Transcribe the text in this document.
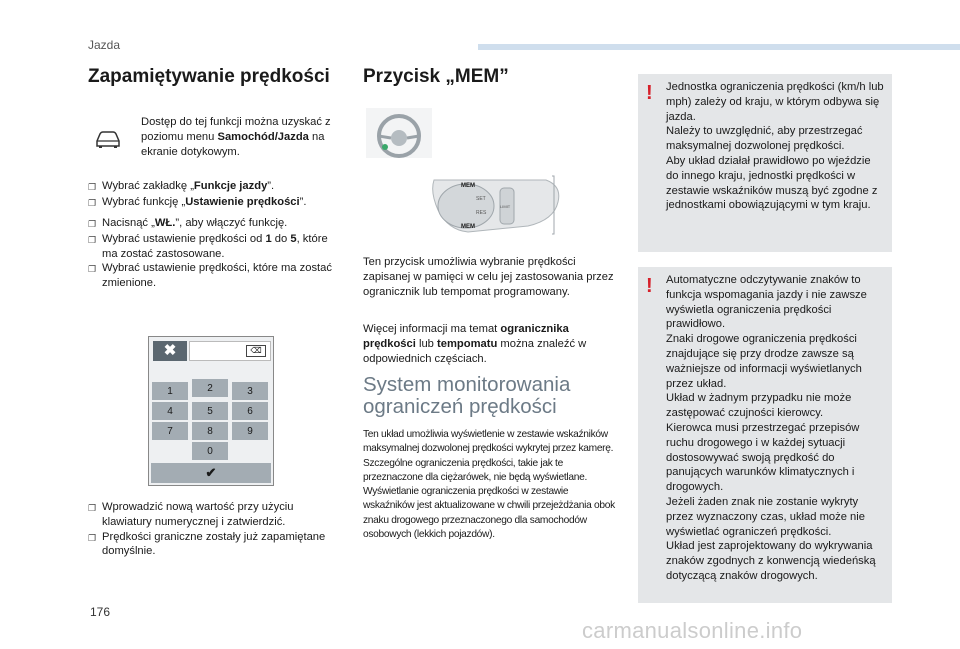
Jazda
Zapamiętywanie prędkości
Dostęp do tej funkcji można uzyskać z poziomu menu Samochód/Jazda na ekranie dotykowym.
❐ Wybrać zakładkę „Funkcje jazdy”.
❐ Wybrać funkcję „Ustawienie prędkości”.
❐ Nacisnąć „WŁ.”, aby włączyć funkcję.
❐ Wybrać ustawienie prędkości od 1 do 5, które ma zostać zastosowane.
❐ Wybrać ustawienie prędkości, które ma zostać zmienione.
✖	⌫
1	2	3
4	5	6
7	8	9
0
✔
❐ Wprowadzić nową wartość przy użyciu klawiatury numerycznej i zatwierdzić.
❐ Prędkości graniczne zostały już zapamiętane domyślnie.
Przycisk „MEM”
MEM
SET
RES
LIMIT
MEM
Ten przycisk umożliwia wybranie prędkości zapisanej w pamięci w celu jej zastosowania przez ogranicznik lub tempomat programowany.
Więcej informacji ma temat ogranicznika prędkości lub tempomatu można znaleźć w odpowiednich częściach.
System monitorowania ograniczeń prędkości
Ten układ umożliwia wyświetlenie w zestawie wskaźników maksymalnej dozwolonej prędkości wykrytej przez kamerę.
Szczególne ograniczenia prędkości, takie jak te przeznaczone dla ciężarówek, nie będą wyświetlane.
Wyświetlanie ograniczenia prędkości w zestawie wskaźników jest aktualizowane w chwili przejeżdżania obok znaku drogowego przeznaczonego dla samochodów osobowych (lekkich pojazdów).
! Jednostka ograniczenia prędkości (km/h lub mph) zależy od kraju, w którym odbywa się jazda.
Należy to uwzględnić, aby przestrzegać maksymalnej dozwolonej prędkości.
Aby układ działał prawidłowo po wjeździe do innego kraju, jednostki prędkości w zestawie wskaźników muszą być zgodne z jednostkami obowiązującymi w tym kraju.
! Automatyczne odczytywanie znaków to funkcja wspomagania jazdy i nie zawsze wyświetla ograniczenia prędkości prawidłowo.
Znaki drogowe ograniczenia prędkości znajdujące się przy drodze zawsze są ważniejsze od informacji wyświetlanych przez układ.
Układ w żadnym przypadku nie może zastępować czujności kierowcy.
Kierowca musi przestrzegać przepisów ruchu drogowego i w każdej sytuacji dostosowywać swoją prędkość do panujących warunków klimatycznych i drogowych.
Jeżeli żaden znak nie zostanie wykryty przez wyznaczony czas, układ może nie wyświetlać ograniczeń prędkości.
Układ jest zaprojektowany do wykrywania znaków zgodnych z konwencją wiedeńską dotyczącą znaków drogowych.
176
carmanualsonline.info
